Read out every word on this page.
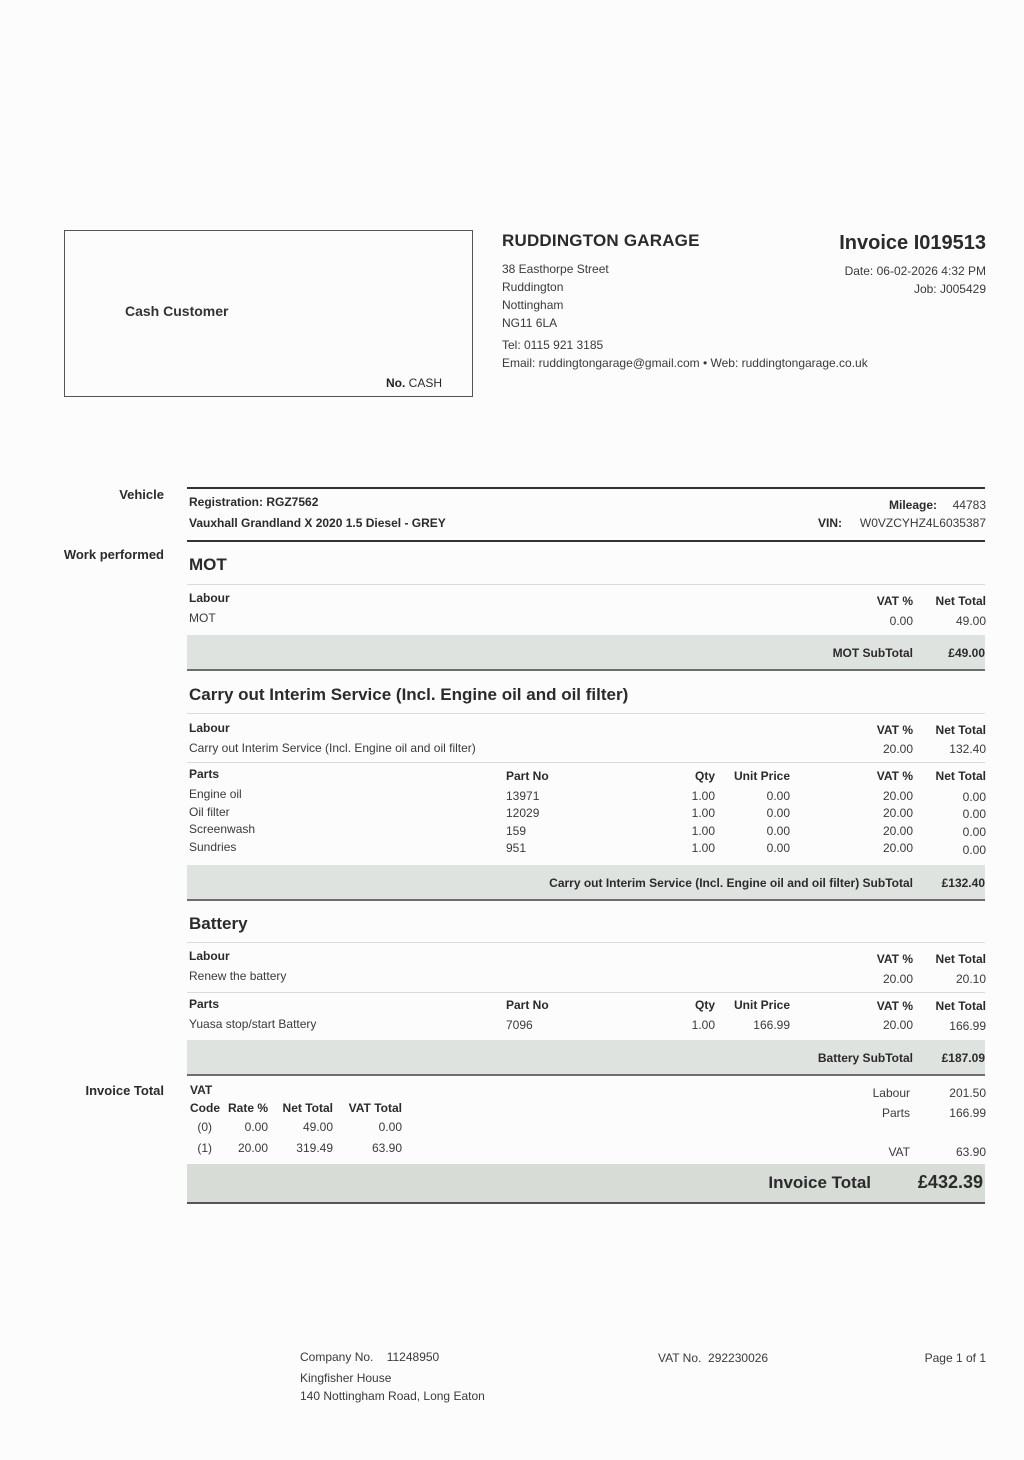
Cash Customer
No. CASH
RUDDINGTON GARAGE
38 Easthorpe Street
Ruddington
Nottingham
NG11 6LA
Tel: 0115 921 3185
Email: ruddingtongarage@gmail.com • Web: ruddingtongarage.co.uk
Invoice I019513
Date: 06-02-2026 4:32 PM
Job: J005429
Vehicle
Work performed
Invoice Total
Registration: RGZ7562
Vauxhall Grandland X 2020 1.5 Diesel - GREY
Mileage: 44783
VIN:	W0VZCYHZ4L6035387
MOT
Labour	VAT %	Net Total
MOT	0.00	49.00
MOT SubTotal	£49.00
Carry out Interim Service (Incl. Engine oil and oil filter)
Labour	VAT %	Net Total
Carry out Interim Service (Incl. Engine oil and oil filter)	20.00	132.40
Parts	Part No	Qty	Unit Price	VAT %	Net Total
Engine oil	13971	1.00	0.00	20.00	0.00
Oil filter	12029	1.00	0.00	20.00	0.00
Screenwash	159	1.00	0.00	20.00	0.00
Sundries	951	1.00	0.00	20.00	0.00
Carry out Interim Service (Incl. Engine oil and oil filter) SubTotal £132.40
Battery
Labour	VAT %	Net Total
Renew the battery	20.00	20.10
Parts	Part No	Qty	Unit Price	VAT %	Net Total
Yuasa stop/start Battery	7096	1.00	166.99	20.00	166.99
Battery SubTotal £187.09
VAT
Code Rate %	Net Total	VAT Total
(0)	0.00	49.00	0.00
(1)	20.00	319.49	63.90
Labour	201.50
Parts	166.99
VAT	63.90
Invoice Total	£432.39
Company No. 11248950
Kingfisher House
140 Nottingham Road, Long Eaton
VAT No. 292230026	Page 1 of 1
